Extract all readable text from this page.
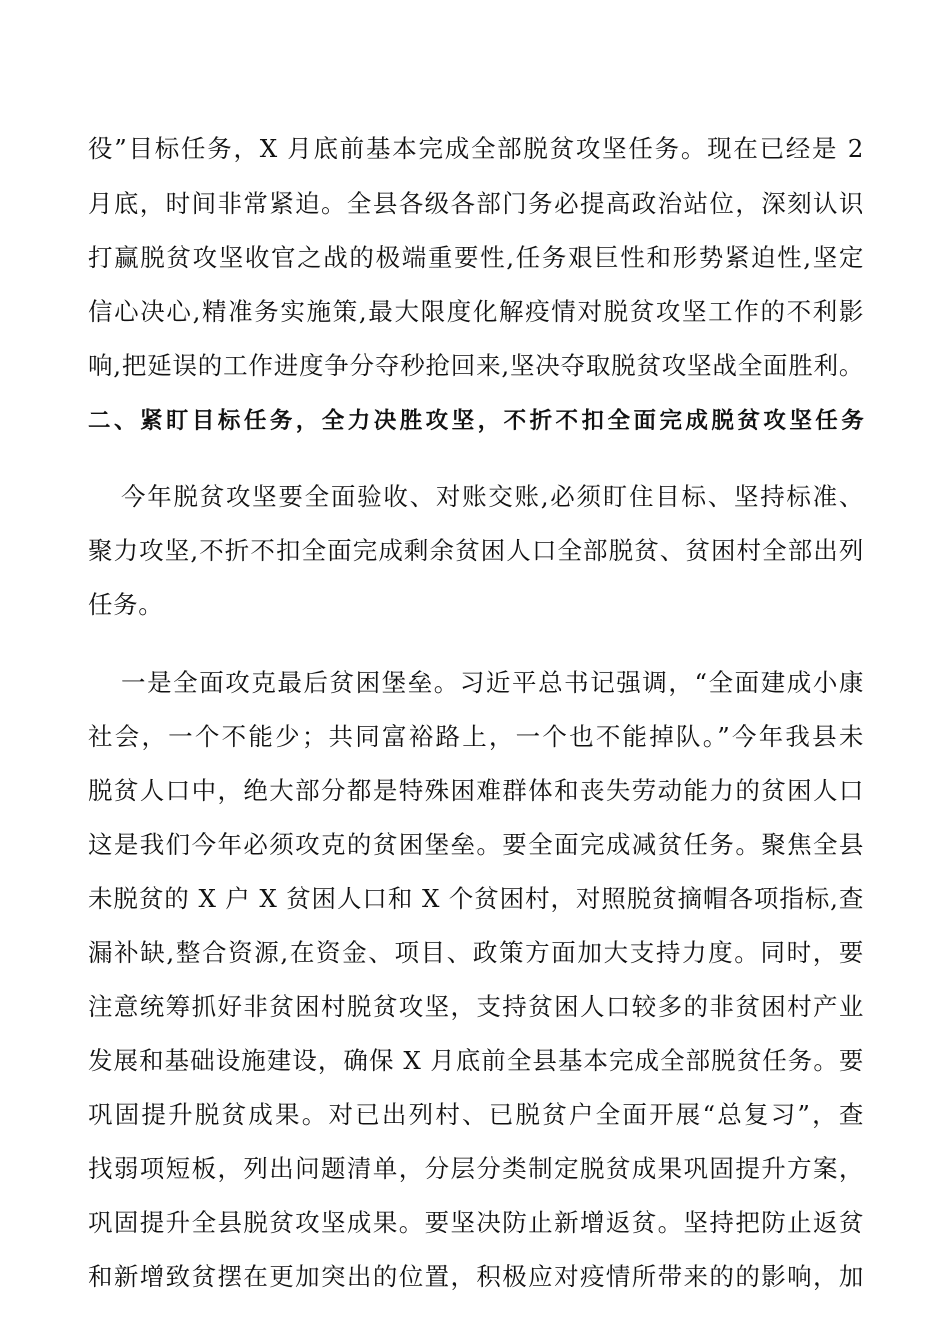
役”目标任务，X 月底前基本完成全部脱贫攻坚任务。现在已经是 2
月底，时间非常紧迫。全县各级各部门务必提高政治站位，深刻认识
打赢脱贫攻坚收官之战的极端重要性,任务艰巨性和形势紧迫性,坚定
信心决心,精准务实施策,最大限度化解疫情对脱贫攻坚工作的不利影
响,把延误的工作进度争分夺秒抢回来,坚决夺取脱贫攻坚战全面胜利。
二、紧盯目标任务，全力决胜攻坚，不折不扣全面完成脱贫攻坚任务
今年脱贫攻坚要全面验收、对账交账,必须盯住目标、坚持标准、
聚力攻坚,不折不扣全面完成剩余贫困人口全部脱贫、贫困村全部出列
任务。
一是全面攻克最后贫困堡垒。习近平总书记强调，“全面建成小康
社会，一个不能少；共同富裕路上，一个也不能掉队。”今年我县未
脱贫人口中，绝大部分都是特殊困难群体和丧失劳动能力的贫困人口
这是我们今年必须攻克的贫困堡垒。要全面完成减贫任务。聚焦全县
未脱贫的 X 户 X 贫困人口和 X 个贫困村，对照脱贫摘帽各项指标,查
漏补缺,整合资源,在资金、项目、政策方面加大支持力度。同时，要
注意统筹抓好非贫困村脱贫攻坚，支持贫困人口较多的非贫困村产业
发展和基础设施建设，确保 X 月底前全县基本完成全部脱贫任务。要
巩固提升脱贫成果。对已出列村、已脱贫户全面开展“总复习”，查
找弱项短板，列出问题清单，分层分类制定脱贫成果巩固提升方案，
巩固提升全县脱贫攻坚成果。要坚决防止新增返贫。坚持把防止返贫
和新增致贫摆在更加突出的位置，积极应对疫情所带来的的影响，加
